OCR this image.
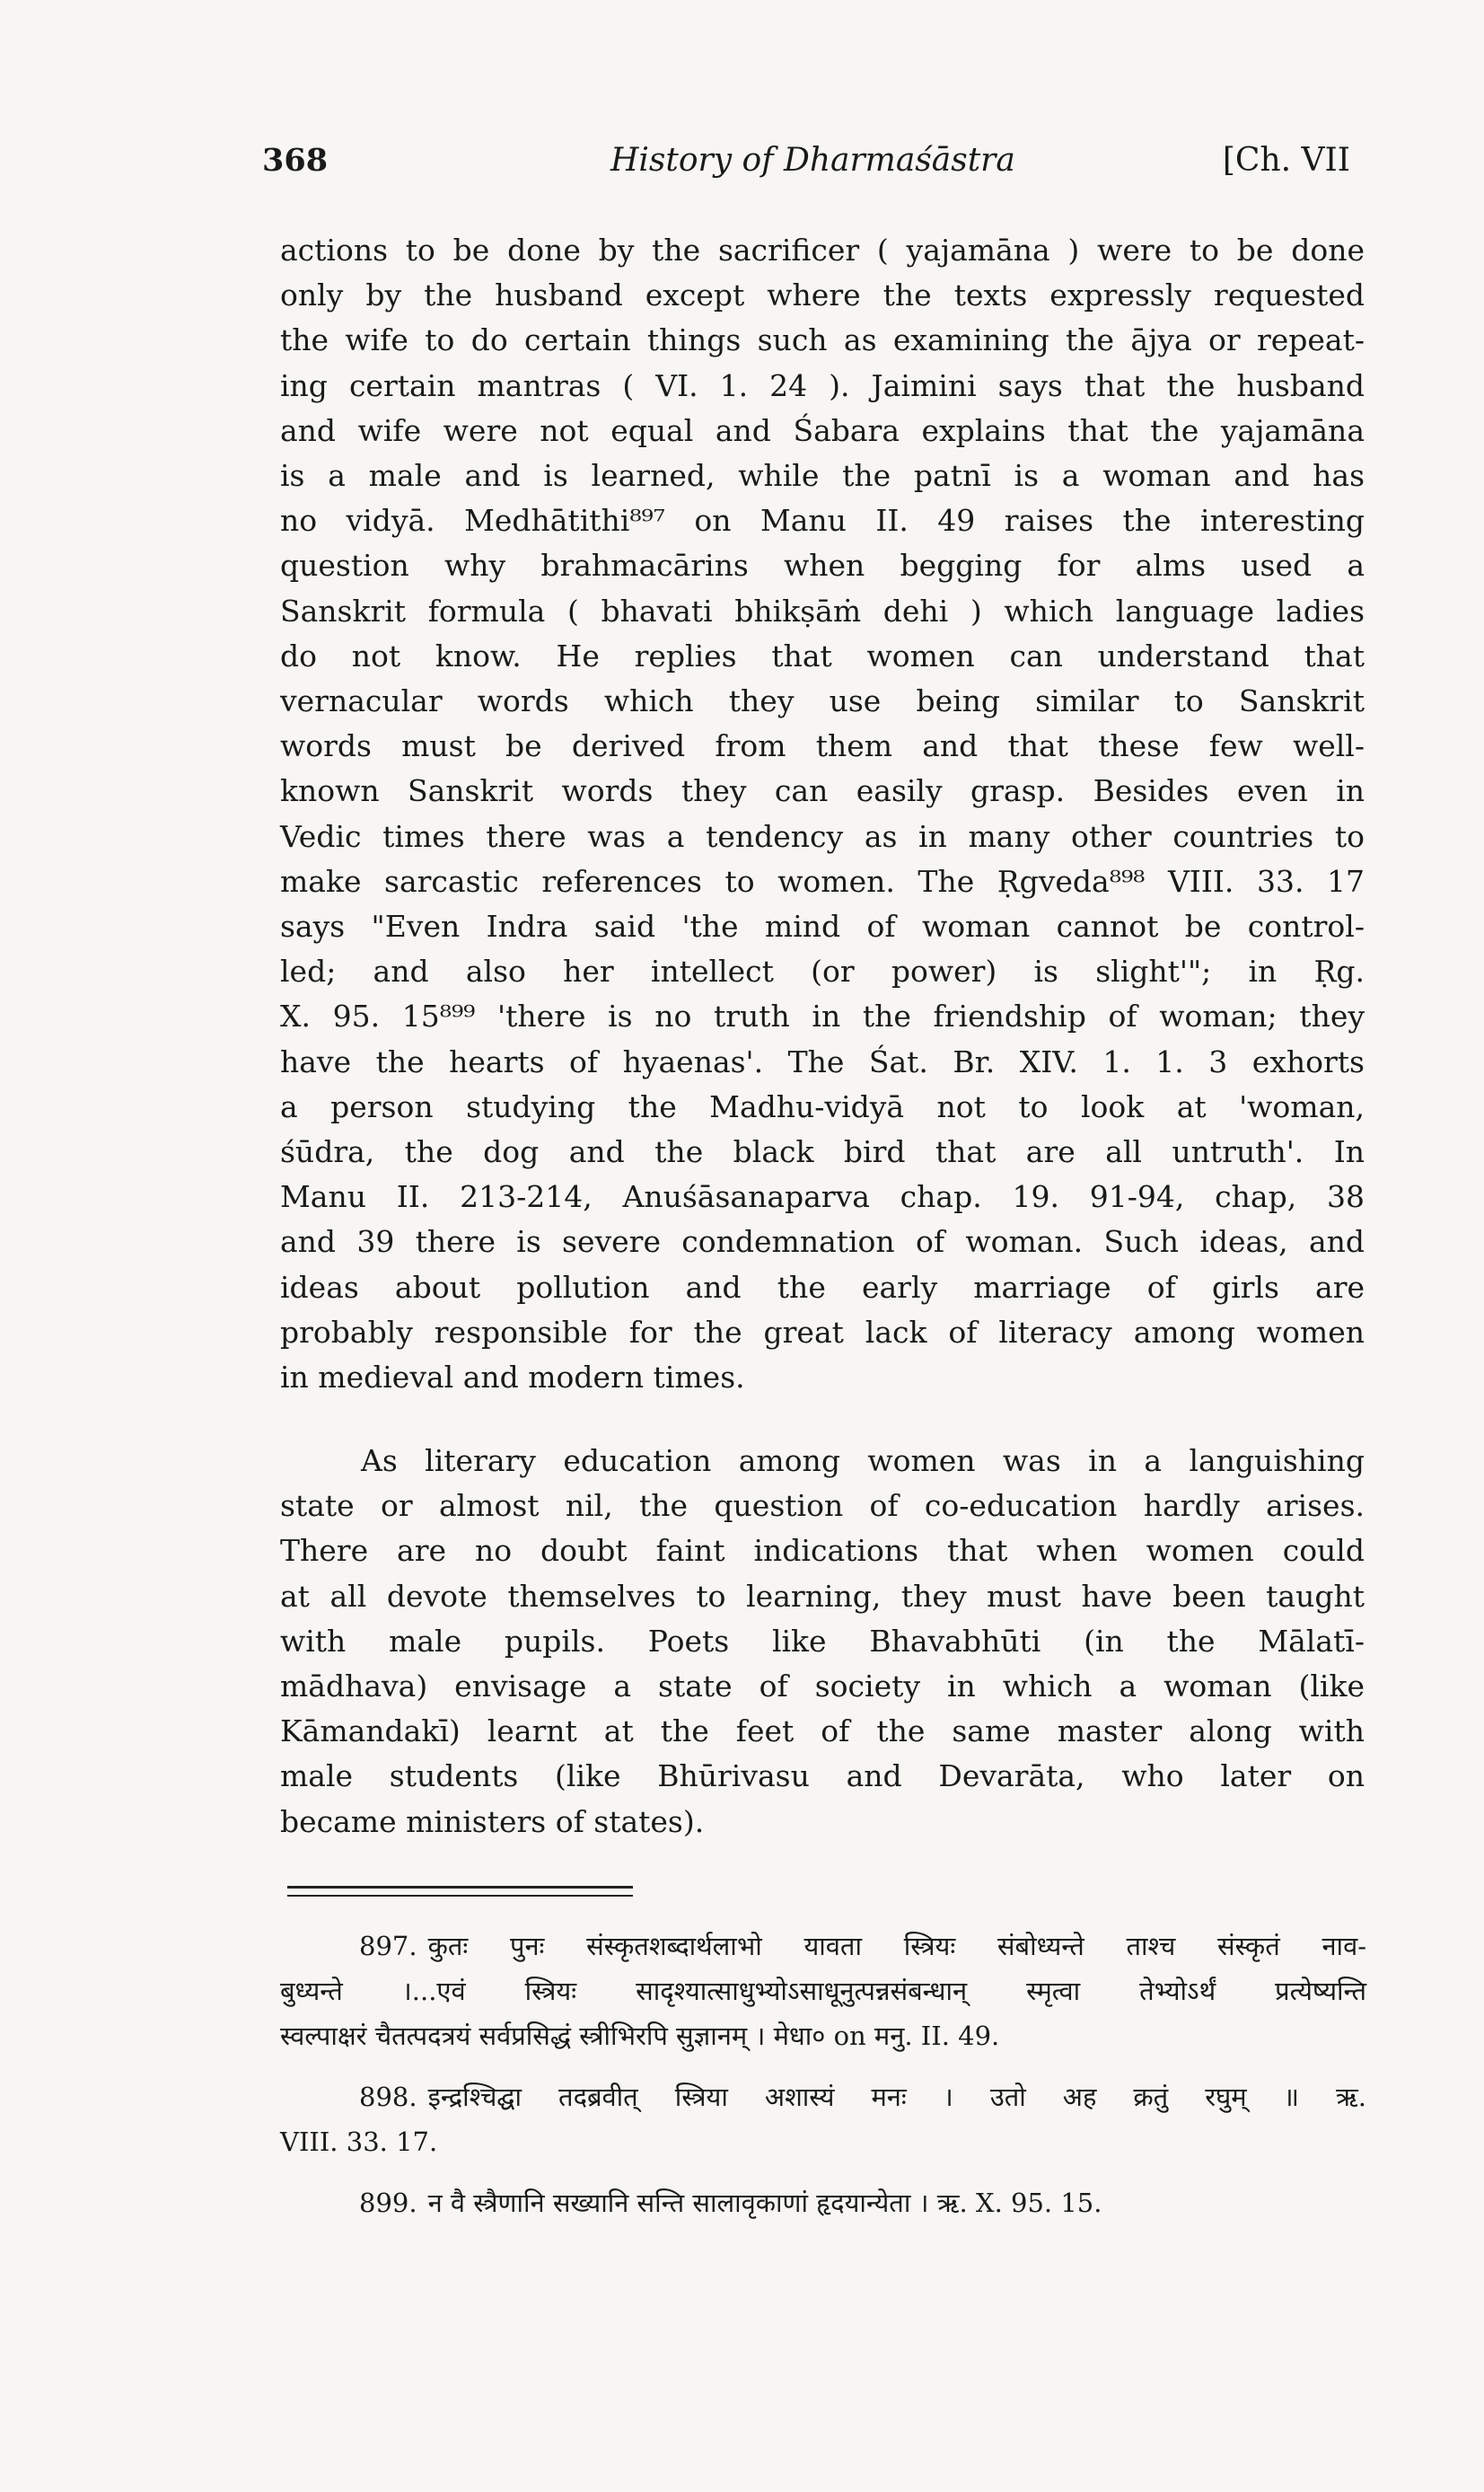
368	History of Dharmaśāstra	[Ch. VII
actions to be done by the sacrificer ( yajamāna ) were to be done
only by the husband except where the texts expressly requested
the wife to do certain things such as examining the ājya or repeat-
ing certain mantras ( VI. 1. 24 ). Jaimini says that the husband
and wife were not equal and Śabara explains that the yajamāna
is a male and is learned, while the patnī is a woman and has
no vidyā. Medhātithi⁸⁹⁷ on Manu II. 49 raises the interesting
question why brahmacārins when begging for alms used a
Sanskrit formula ( bhavati bhikṣāṁ dehi ) which language ladies
do not know. He replies that women can understand that
vernacular words which they use being similar to Sanskrit
words must be derived from them and that these few well-
known Sanskrit words they can easily grasp. Besides even in
Vedic times there was a tendency as in many other countries to
make sarcastic references to women. The Ṛgveda⁸⁹⁸ VIII. 33. 17
says "Even Indra said 'the mind of woman cannot be control-
led; and also her intellect (or power) is slight'"; in Ṛg.
X. 95. 15⁸⁹⁹ 'there is no truth in the friendship of woman; they
have the hearts of hyaenas'. The Śat. Br. XIV. 1. 1. 3 exhorts
a person studying the Madhu-vidyā not to look at 'woman,
śūdra, the dog and the black bird that are all untruth'. In
Manu II. 213-214, Anuśāsanaparva chap. 19. 91-94, chap, 38
and 39 there is severe condemnation of woman. Such ideas, and
ideas about pollution and the early marriage of girls are
probably responsible for the great lack of literacy among women
in medieval and modern times.
As literary education among women was in a languishing
state or almost nil, the question of co-education hardly arises.
There are no doubt faint indications that when women could
at all devote themselves to learning, they must have been taught
with male pupils. Poets like Bhavabhūti (in the Mālatī-
mādhava) envisage a state of society in which a woman (like
Kāmandakī) learnt at the feet of the same master along with
male students (like Bhūrivasu and Devarāta, who later on
became ministers of states).
897. कुतः पुनः संस्कृतशब्दार्थलाभो यावता स्त्रियः संबोध्यन्ते ताश्च संस्कृतं नाव-
बुध्यन्ते ।...एवं स्त्रियः सादृश्यात्साधुभ्योऽसाधूनुत्पन्नसंबन्धान् स्मृत्वा तेभ्योऽर्थं प्रत्येष्यन्ति
स्वल्पाक्षरं चैतत्पदत्रयं सर्वप्रसिद्धं स्त्रीभिरपि सुज्ञानम् । मेधा० on मनु. II. 49.
898. इन्द्रश्चिद्घा तदब्रवीत् स्त्रिया अशास्यं मनः । उतो अह क्रतुं रघुम् ॥ ऋ.
VIII. 33. 17.
899. न वै स्त्रैणानि सख्यानि सन्ति सालावृकाणां हृदयान्येता । ऋ. X. 95. 15.
